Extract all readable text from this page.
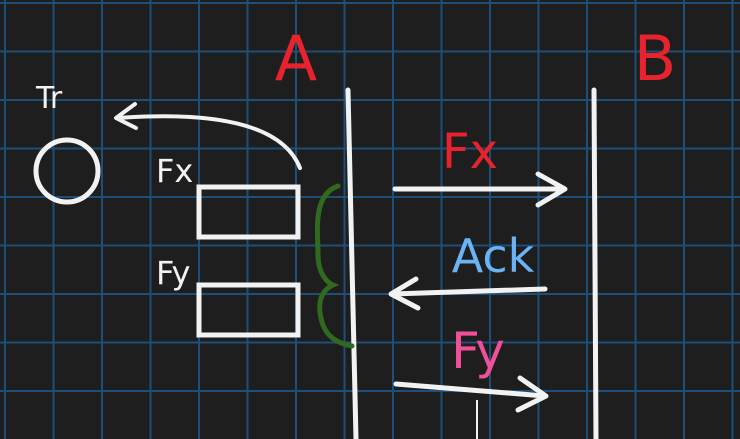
A	B
Tr
Fx
Fy
Fx
Ack
Fy
